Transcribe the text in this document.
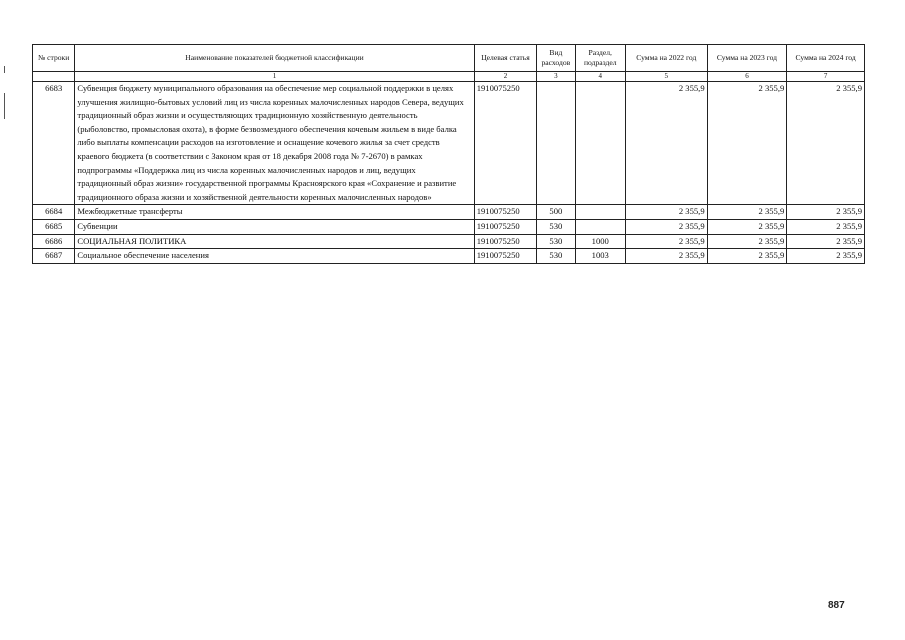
№ строки	Наименование показателей бюджетной классификации	Целевая статья	Вид расходов	Раздел, подраздел	Сумма на 2022 год	Сумма на 2023 год	Сумма на 2024 год
	1	2	3	4	5	6	7
6683	Субвенция бюджету муниципального образования на обеспечение мер социальной поддержки в целях улучшения жилищно-бытовых условий лиц из числа коренных малочисленных народов Севера, ведущих традиционный образ жизни и осуществляющих традиционную хозяйственную деятельность (рыболовство, промысловая охота), в форме безвозмездного обеспечения кочевым жильем в виде балка либо выплаты компенсации расходов на изготовление и оснащение кочевого жилья за счет средств краевого бюджета (в соответствии с Законом края от 18 декабря 2008 года № 7-2670) в рамках подпрограммы «Поддержка лиц из числа коренных малочисленных народов и лиц, ведущих традиционный образ жизни» государственной программы Красноярского края «Сохранение и развитие традиционного образа жизни и хозяйственной деятельности коренных малочисленных народов»	1910075250			2 355,9	2 355,9	2 355,9
6684	Межбюджетные трансферты	1910075250	500		2 355,9	2 355,9	2 355,9
6685	Субвенции	1910075250	530		2 355,9	2 355,9	2 355,9
6686	СОЦИАЛЬНАЯ ПОЛИТИКА	1910075250	530	1000	2 355,9	2 355,9	2 355,9
6687	Социальное обеспечение населения	1910075250	530	1003	2 355,9	2 355,9	2 355,9
887
